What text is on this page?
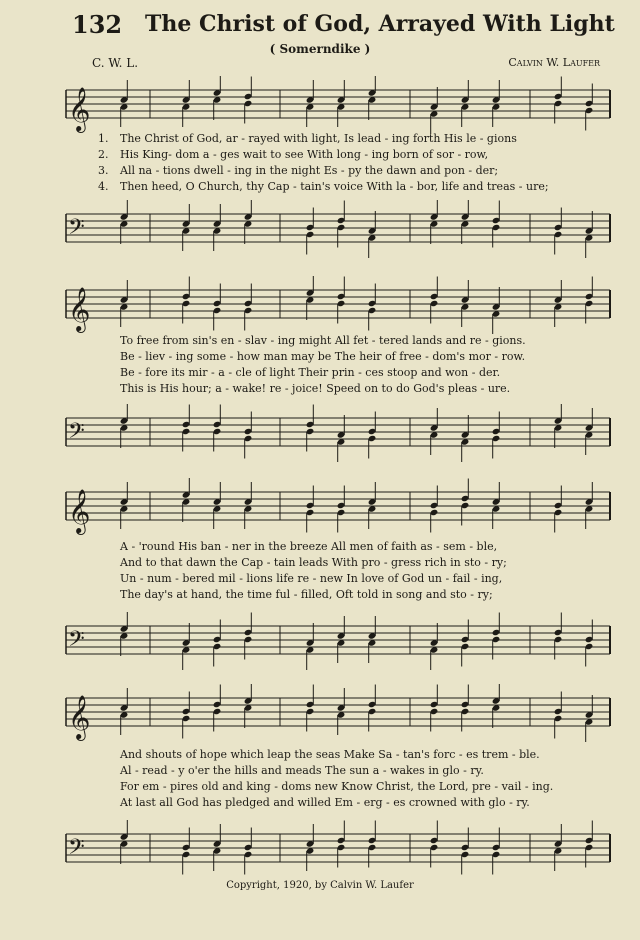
132 The Christ of God, Arrayed With Light
( Somerndike )
C. W. L.	Calvin W. Laufer
𝄞
1. The Christ of God, ar - rayed with light, Is lead - ing forth His le - gions
2. His King- dom a - ges wait to see With long - ing born of sor - row,
3. All na - tions dwell - ing in the night Es - py the dawn and pon - der;
4. Then heed, O Church, thy Cap - tain's voice With la - bor, life and treas - ure;
𝄢
𝄞
To free from sin's en - slav - ing might All fet - tered lands and re - gions.
Be - liev - ing some - how man may be The heir of free - dom's mor - row.
Be - fore its mir - a - cle of light Their prin - ces stoop and won - der.
This is His hour; a - wake! re - joice! Speed on to do God's pleas - ure.
𝄢
𝄞
A - 'round His ban - ner in the breeze All men of faith as - sem - ble,
And to that dawn the Cap - tain leads With pro - gress rich in sto - ry;
Un - num - bered mil - lions life re - new In love of God un - fail - ing,
The day's at hand, the time ful - filled, Oft told in song and sto - ry;
𝄢
𝄞
And shouts of hope which leap the seas Make Sa - tan's forc - es trem - ble.
Al - read - y o'er the hills and meads The sun a - wakes in glo - ry.
For em - pires old and king - doms new Know Christ, the Lord, pre - vail - ing.
At last all God has pledged and willed Em - erg - es crowned with glo - ry.
𝄢
Copyright, 1920, by Calvin W. Laufer
